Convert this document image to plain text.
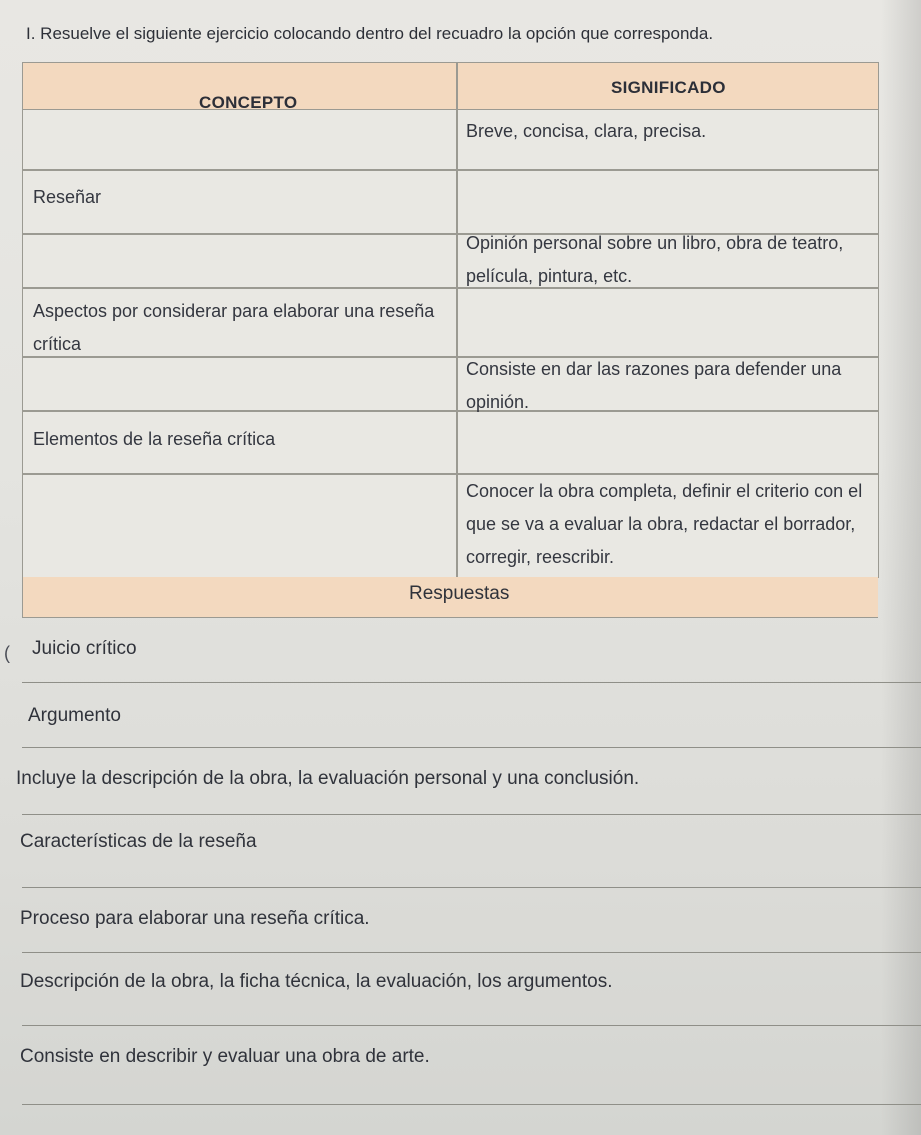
I. Resuelve el siguiente ejercicio colocando dentro del recuadro la opción que corresponda.
CONCEPTO
SIGNIFICADO
Breve, concisa, clara, precisa.
Reseñar
Opinión personal sobre un libro, obra de teatro, película, pintura, etc.
Aspectos por considerar para elaborar una reseña crítica
Consiste en dar las razones para defender una opinión.
Elementos de la reseña crítica
Conocer la obra completa, definir el criterio con el que se va a evaluar la obra, redactar el borrador, corregir, reescribir.
Respuestas
( Juicio crítico
Argumento
Incluye la descripción de la obra, la evaluación personal y una conclusión.
Características de la reseña
Proceso para elaborar una reseña crítica.
Descripción de la obra, la ficha técnica, la evaluación, los argumentos.
Consiste en describir y evaluar una obra de arte.
